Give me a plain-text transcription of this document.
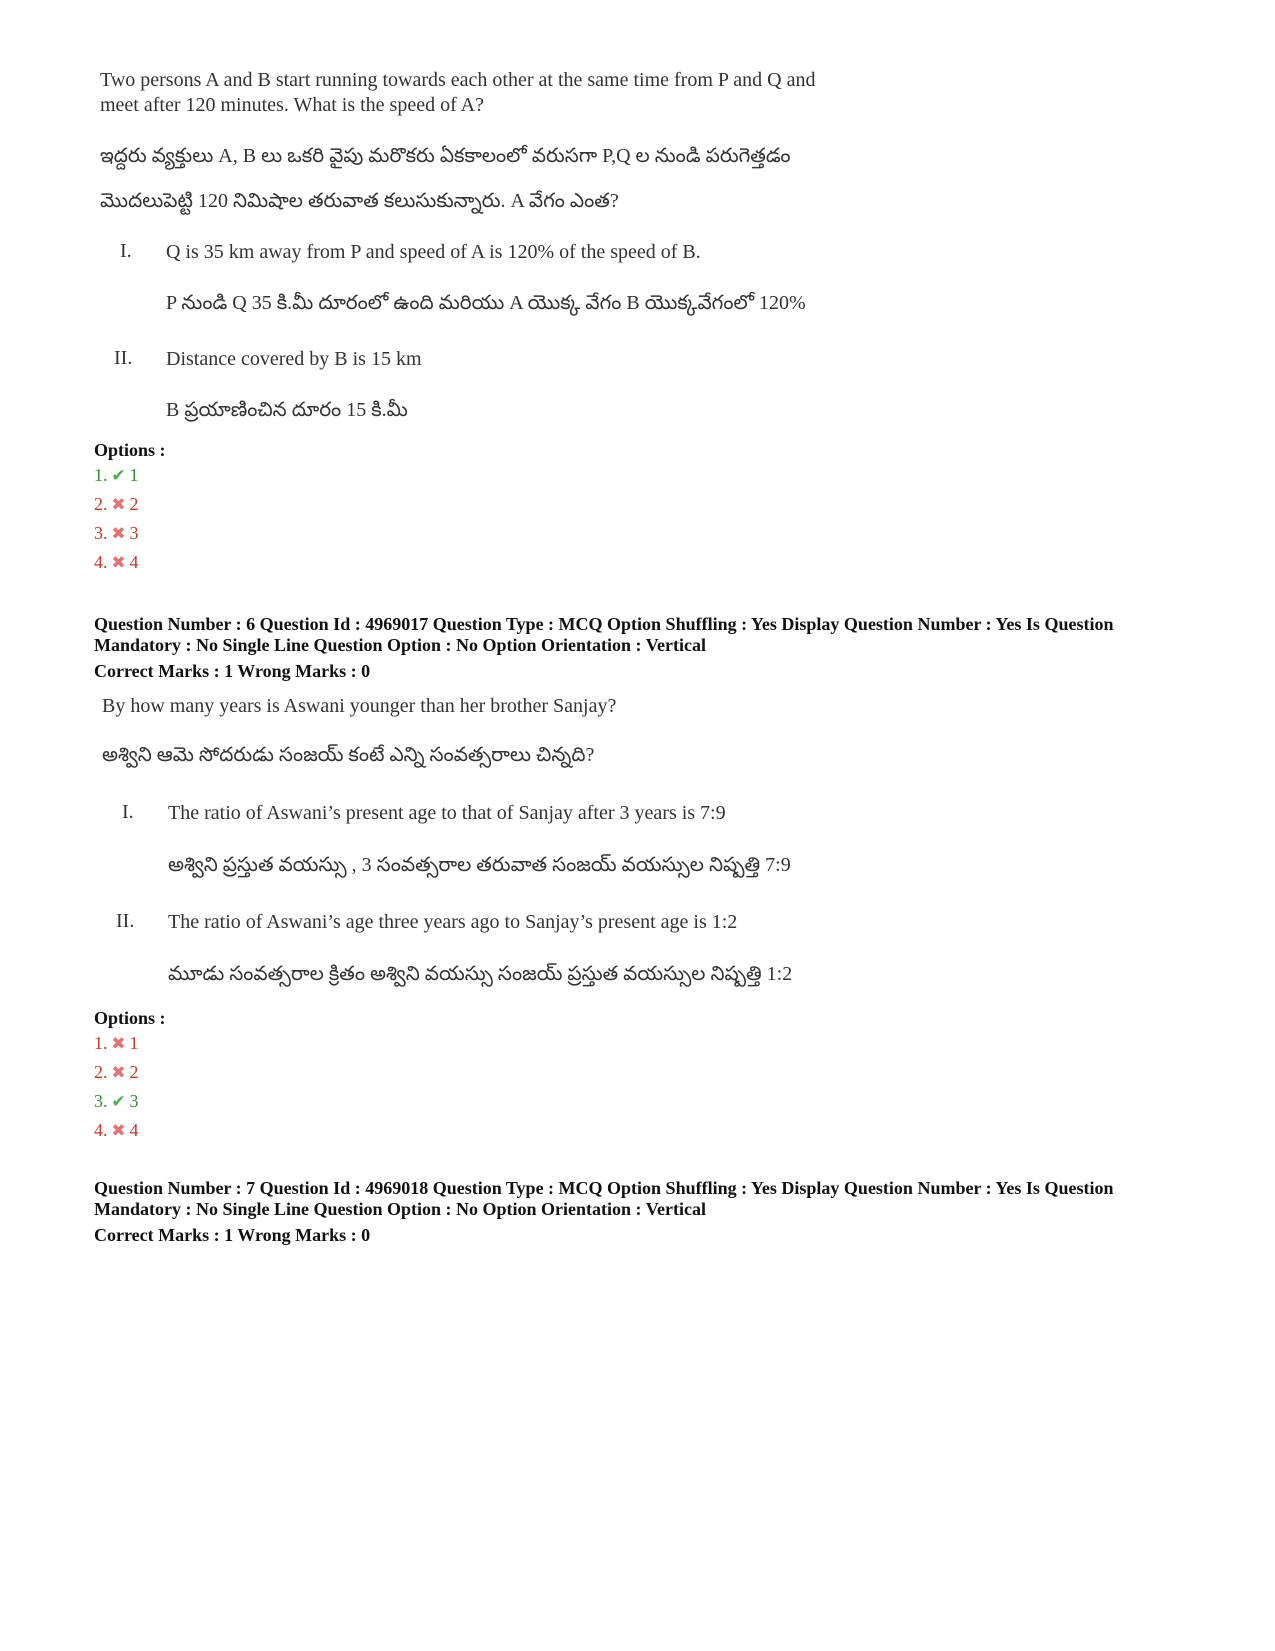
Two persons A and B start running towards each other at the same time from P and Q and
meet after 120 minutes. What is the speed of A?
ఇద్దరు వ్యక్తులు A, B లు ఒకరి వైపు మరొకరు ఏకకాలంలో వరుసగా P,Q ల నుండి పరుగెత్తడం
మొదలుపెట్టి 120 నిమిషాల తరువాత కలుసుకున్నారు. A వేగం ఎంత?
I. Q is 35 km away from P and speed of A is 120% of the speed of B.
P నుండి Q 35 కి.మీ దూరంలో ఉంది మరియు A యొక్క వేగం B యొక్కవేగంలో 120%
II. Distance covered by B is 15 km
B ప్రయాణించిన దూరం 15 కి.మీ
Options :
1. ✔ 1
2. ✖ 2
3. ✖ 3
4. ✖ 4
Question Number : 6 Question Id : 4969017 Question Type : MCQ Option Shuffling : Yes Display Question Number : Yes Is Question
Mandatory : No Single Line Question Option : No Option Orientation : Vertical
Correct Marks : 1 Wrong Marks : 0
By how many years is Aswani younger than her brother Sanjay?
అశ్విని ఆమె సోదరుడు సంజయ్ కంటే ఎన్ని సంవత్సరాలు చిన్నది?
I. The ratio of Aswani’s present age to that of Sanjay after 3 years is 7:9
అశ్విని ప్రస్తుత వయస్సు , 3 సంవత్సరాల తరువాత సంజయ్ వయస్సుల నిష్పత్తి 7:9
II. The ratio of Aswani’s age three years ago to Sanjay’s present age is 1:2
మూడు సంవత్సరాల క్రితం అశ్విని వయస్సు సంజయ్ ప్రస్తుత వయస్సుల నిష్పత్తి 1:2
Options :
1. ✖ 1
2. ✖ 2
3. ✔ 3
4. ✖ 4
Question Number : 7 Question Id : 4969018 Question Type : MCQ Option Shuffling : Yes Display Question Number : Yes Is Question
Mandatory : No Single Line Question Option : No Option Orientation : Vertical
Correct Marks : 1 Wrong Marks : 0
